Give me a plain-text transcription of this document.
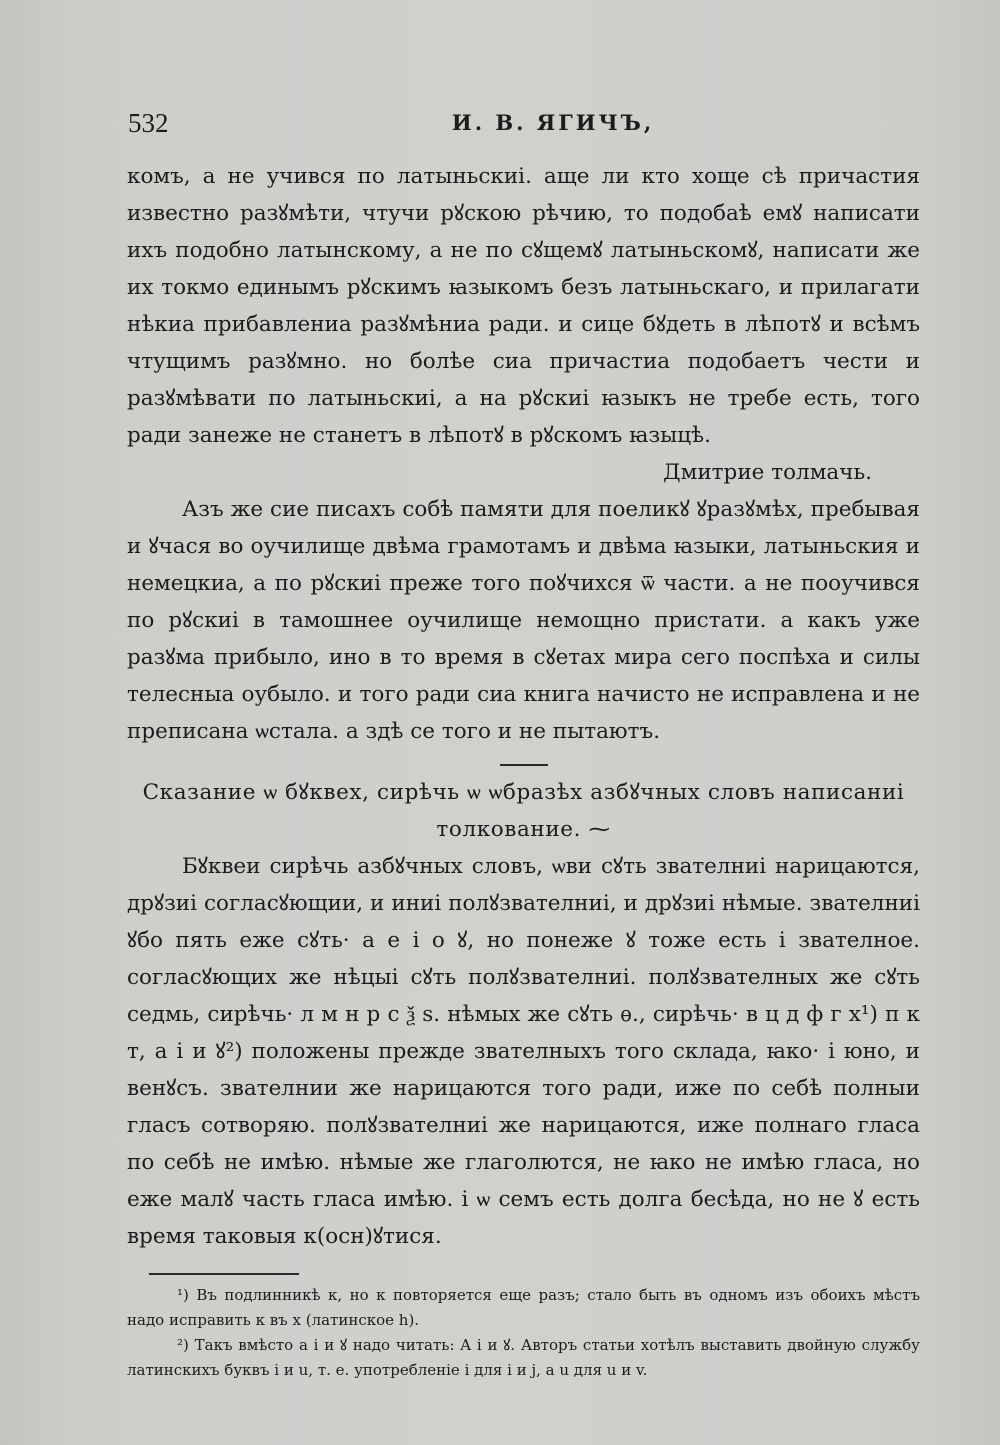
532	И. В. ЯГИЧЪ,

комъ, а не учився по латыньскиі. аще ли кто хоще сѣ причастия известно разꙋмѣти, чтучи рꙋскою рѣчию, то подобаѣ емꙋ написати ихъ подобно латынскому, а не по сꙋщемꙋ латыньскомꙋ, написати же их токмо единымъ рꙋскимъ ꙗзыкомъ безъ латыньскаго, и прилагати нѣкиа прибавлениа разꙋмѣниа ради. и сице бꙋдеть в лѣпотꙋ и всѣмъ чтущимъ разꙋмно. но болѣе сиа причастиа подобаетъ чести и разꙋмѣвати по латыньскиі, а на рꙋскиі ꙗзыкъ не требе есть, того ради занеже не станетъ в лѣпотꙋ в рꙋскомъ ꙗзыцѣ.

Дмитрие толмачь.

Азъ же сие писахъ собѣ памяти для поеликꙋ ꙋразꙋмѣх, пребывая и ꙋчася во оучилище двѣма грамотамъ и двѣма ꙗзыки, латыньския и немецкиа, а по рꙋскиі преже того поꙋчихся ѿ части. а не пооучився по рꙋскиі в тамошнее оучилище немощно пристати. а какъ уже разꙋма прибыло, ино в то время в сꙋетах мира сего поспѣха и силы телесныа оубыло. и того ради сиа книга начисто не исправлена и не преписана ѡстала. а здѣ се того и не пытаютъ.

Сказание ѡ бꙋквех, сирѣчь ѡ ѡбразѣх азбꙋчных словъ написаниі

толкование. ⁓

Бꙋквеи сирѣчь азбꙋчных словъ, ѡви сꙋть звателниі нарицаются, дрꙋзиі согласꙋющии, и иниі полꙋзвателниі, и дрꙋзиі нѣмые. звателниі ꙋбо пять еже сꙋть· а е і о ꙋ, но понеже ꙋ тоже есть і звателное. согласꙋющих же нѣцыі сꙋть полꙋзвателниі. полꙋзвателных же сꙋть седмь, сирѣчь· л м н р с ѯ ѕ. нѣмых же сꙋть ѳ., сирѣчь· в ц д ф г х¹) п к т, а і и ꙋ²) положены прежде звателныхъ того склада, ꙗко· і юно, и венꙋсъ. звателнии же нарицаются того ради, иже по себѣ полныи гласъ сотворяю. полꙋзвателниі же нарицаются, иже полнаго гласа по себѣ не имѣю. нѣмые же глаголются, не ꙗко не имѣю гласа, но еже малꙋ часть гласа имѣю. і ѡ семъ есть долга бесѣда, но не ꙋ есть время таковыя к(осн)ꙋтися.

¹) Въ подлинникѣ к, но к повторяется еще разъ; стало быть въ одномъ изъ обоихъ мѣстъ надо исправить к въ х (латинское h).

²) Такъ вмѣсто а і и ꙋ надо читать: A і и ꙋ. Авторъ статьи хотѣлъ выставить двойную службу латинскихъ буквъ i и u, т. е. употребленіе i для i и j, а u для u и v.
